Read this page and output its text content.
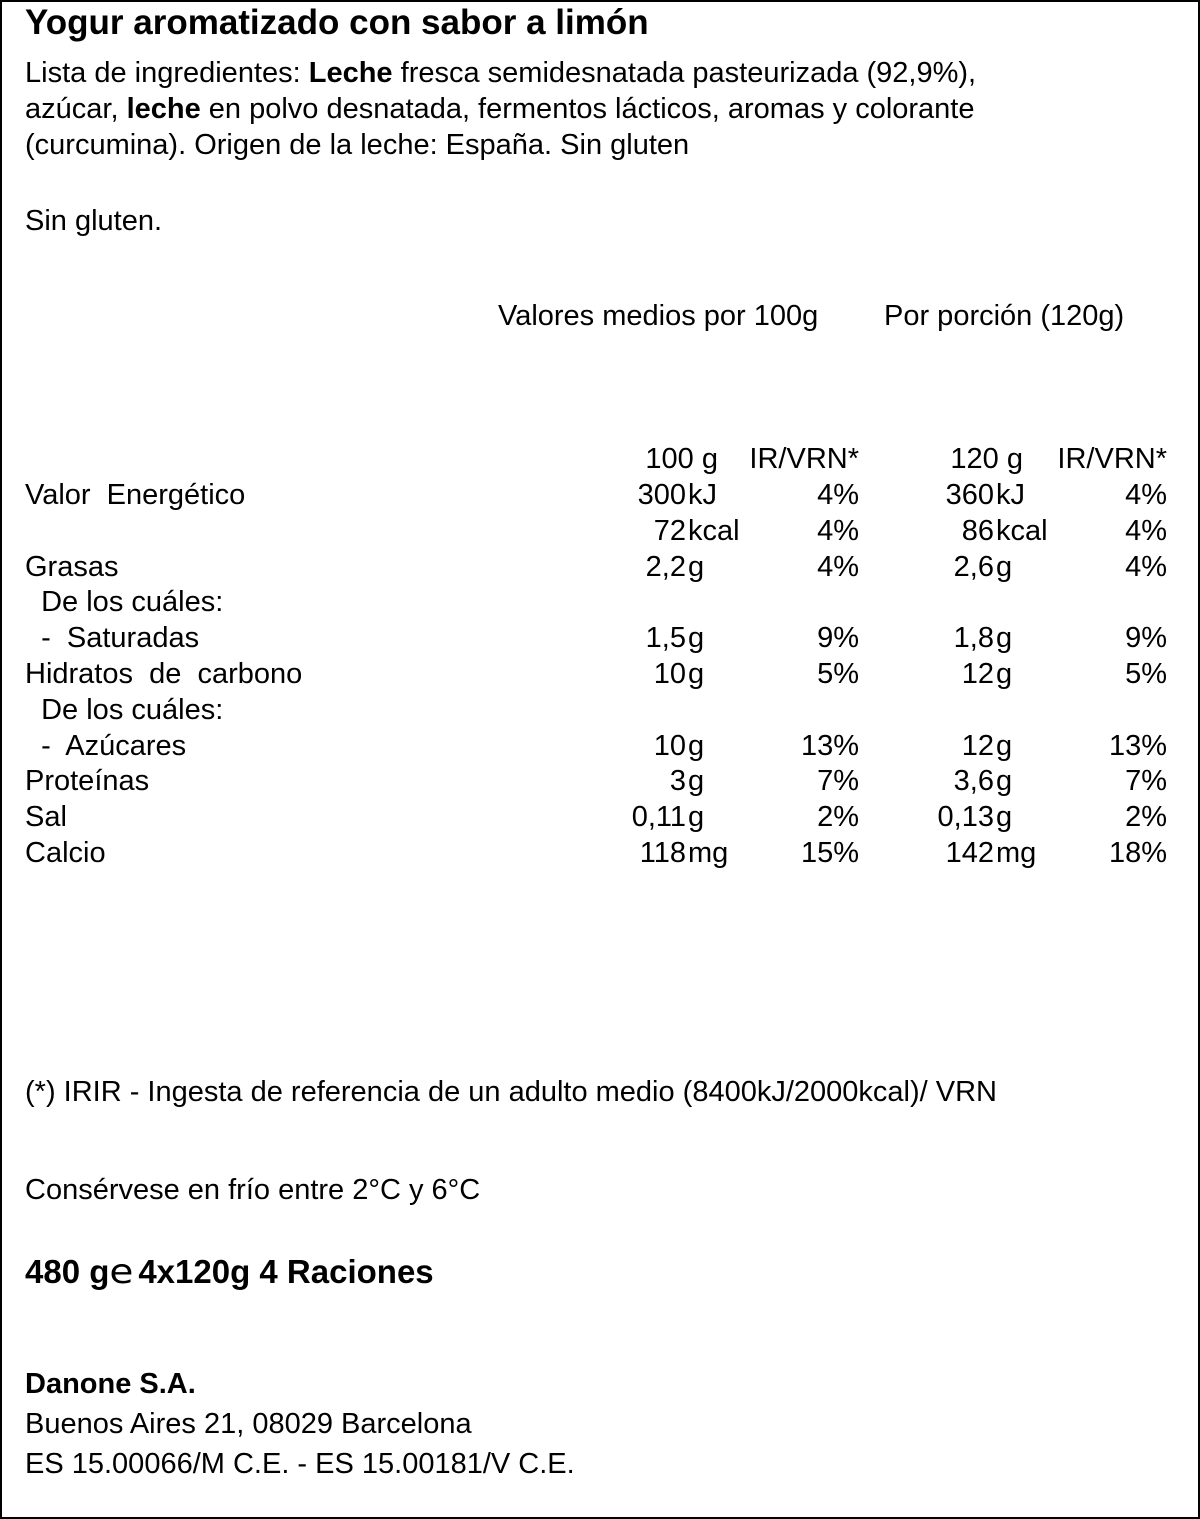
Yogur aromatizado con sabor a limón
Lista de ingredientes: Leche fresca semidesnatada pasteurizada (92,9%),
azúcar, leche en polvo desnatada, fermentos lácticos, aromas y colorante
(curcumina). Origen de la leche: España. Sin gluten
Sin gluten.
Valores medios por 100g Por porción (120g)
100 g IR/VRN*	120 g IR/VRN*
Valor  Energético	300 kJ	4%	360 kJ	4%
72 kcal	4%	86 kcal	4%
Grasas	2,2 g	4%	2,6 g	4%
De los cuáles:
-  Saturadas	1,5 g	9%	1,8 g	9%
Hidratos  de  carbono	10 g	5%	12 g	5%
De los cuáles:
-  Azúcares	10 g	13%	12 g	13%
Proteínas	3 g	7%	3,6 g	7%
Sal	0,11 g	2%	0,13 g	2%
Calcio	118 mg	15%	142 mg	18%
(*) IRIR - Ingesta de referencia de un adulto medio (8400kJ/2000kcal)/ VRN
Consérvese en frío entre 2°C y 6°C
480 ge 4x120g 4 Raciones
Danone S.A.
Buenos Aires 21, 08029 Barcelona
ES 15.00066/M C.E. - ES 15.00181/V C.E.
